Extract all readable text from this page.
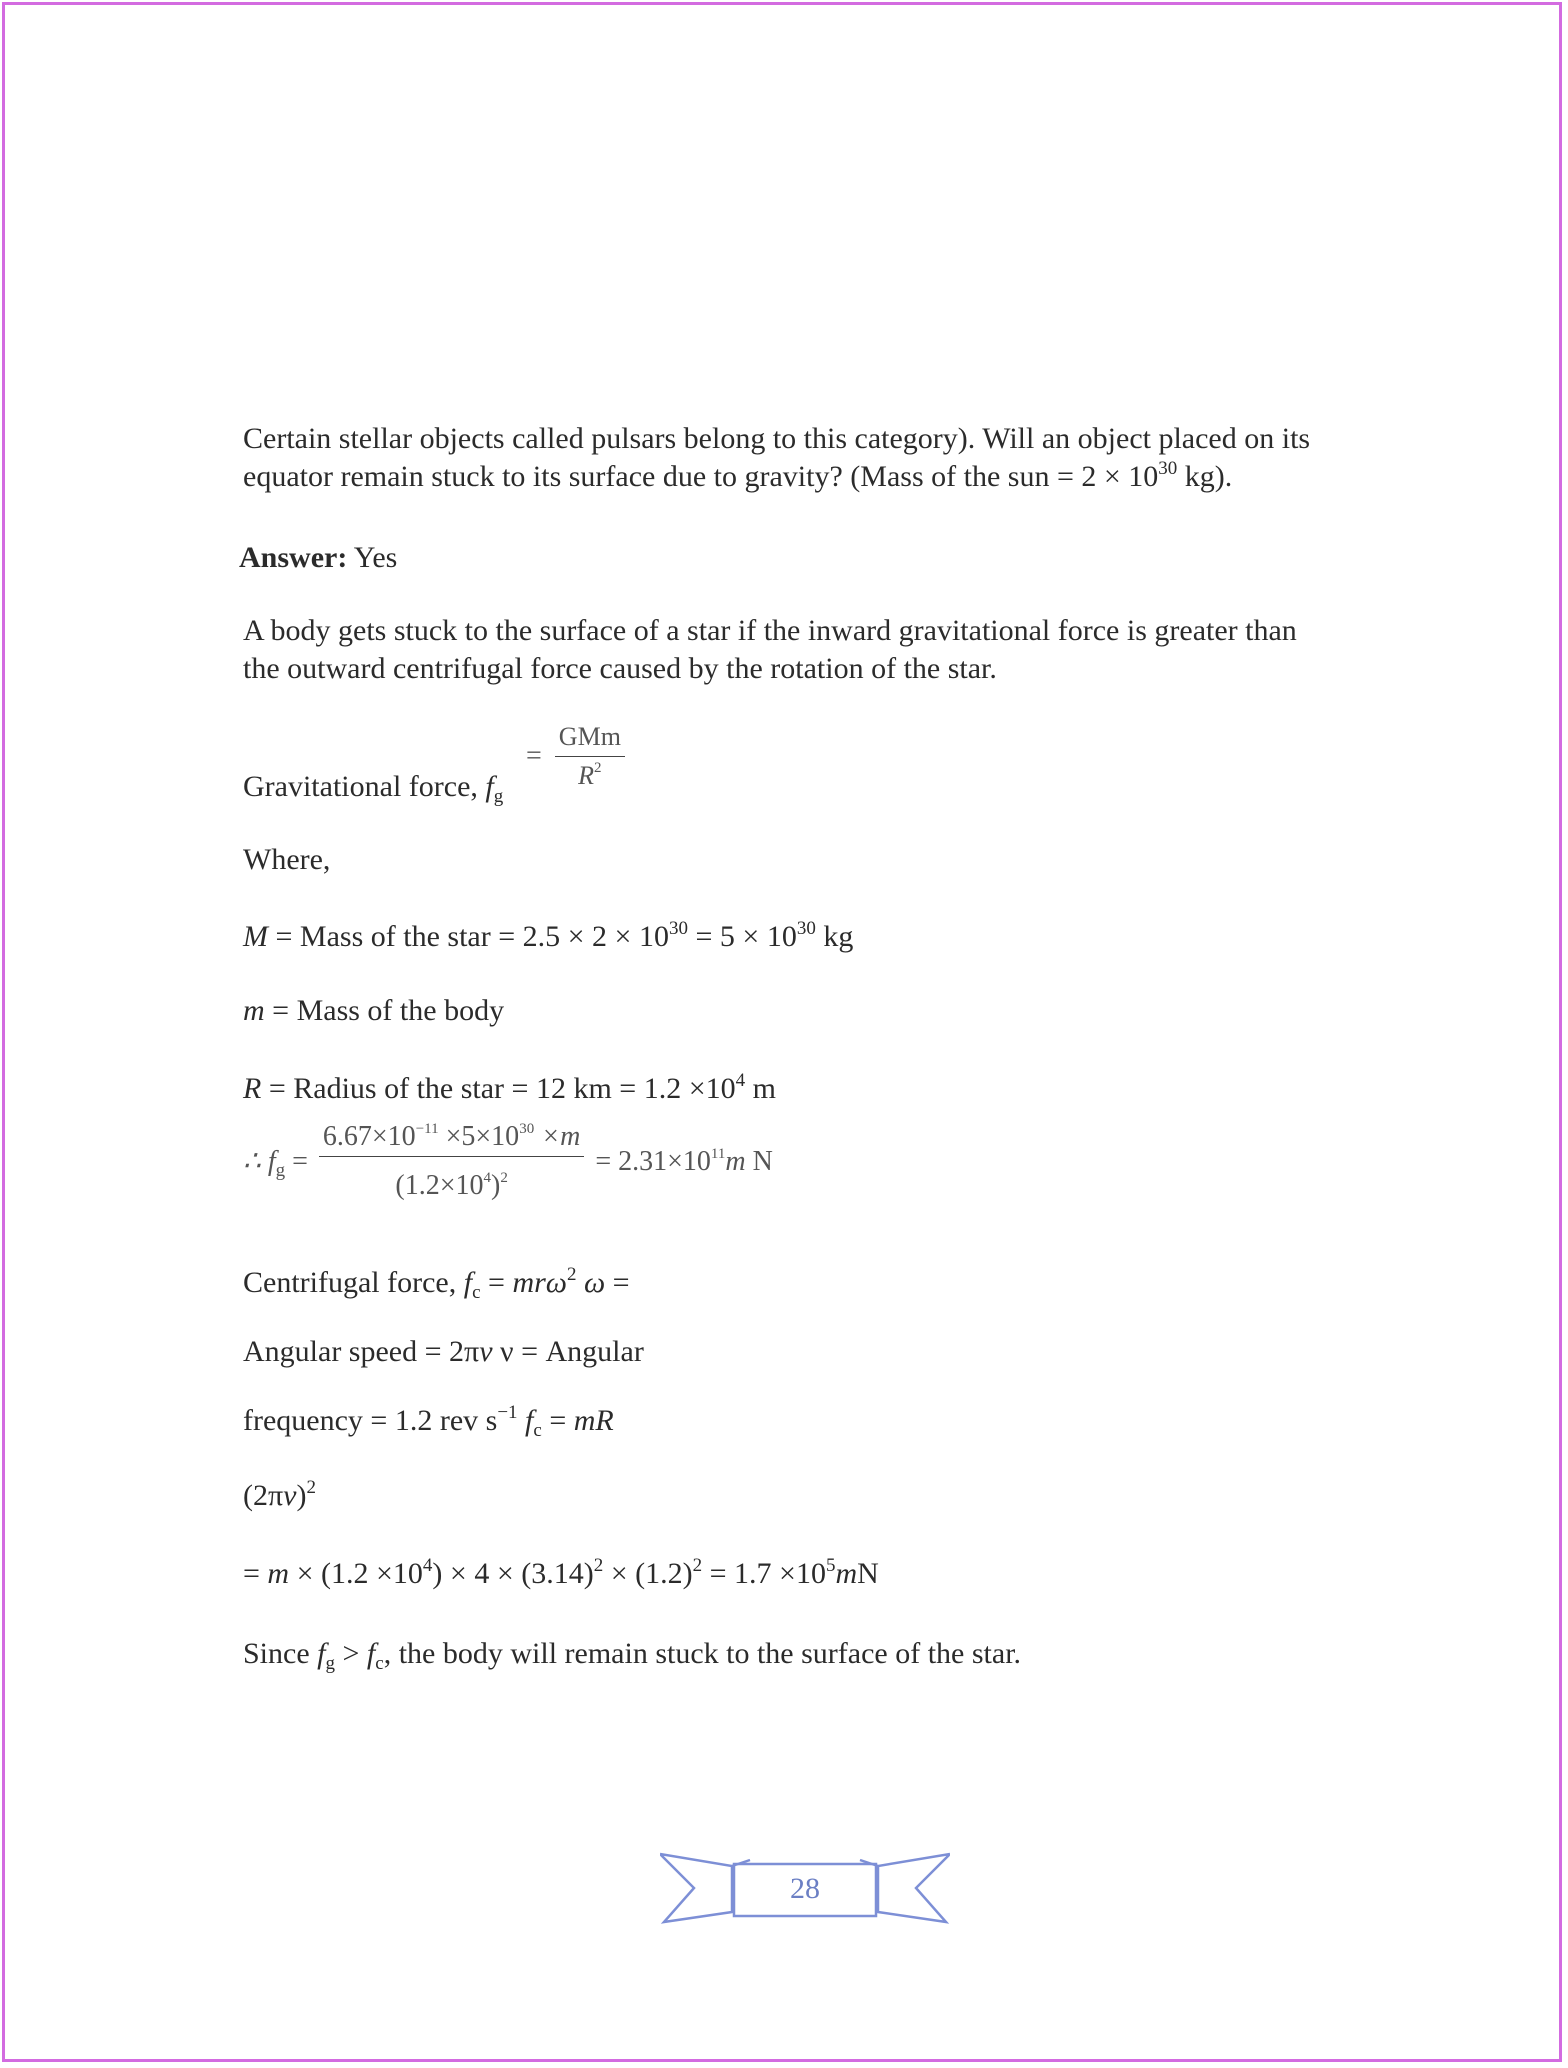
Certain stellar objects called pulsars belong to this category). Will an object placed on its
equator remain stuck to its surface due to gravity? (Mass of the sun = $2 \times 10^{30}$ kg).
Answer: Yes
A body gets stuck to the surface of a star if the inward gravitational force is greater than
the outward centrifugal force caused by the rotation of the star.
Gravitational force, $f_g$
= $\frac{\text{GMm}}{R^2}$
Where,
M = Mass of the star = $2.5 \times 2 \times 10^{30} = 5 \times 10^{30}$ kg
m = Mass of the body
R = Radius of the star = 12 km = $1.2 \times 10^4$ m
∴ $f_g = \frac{6.67\times 10^{-11} \times 5\times 10^{30} \times m}{(1.2\times 10^4)^2} = 2.31\times 10^{11}m$ N
Centrifugal force, $f_c = mr\omega^2$ ω =
Angular speed = 2πv ν = Angular
frequency = 1.2 rev $s^{-1}$ $f_c$ = mR
$(2\pi v)^2$
= $m \times (1.2 \times 10^4) \times 4 \times (3.14)^2 \times (1.2)^2 = 1.7 \times 10^5mN$
Since $f_g > f_c$, the body will remain stuck to the surface of the star.
28
